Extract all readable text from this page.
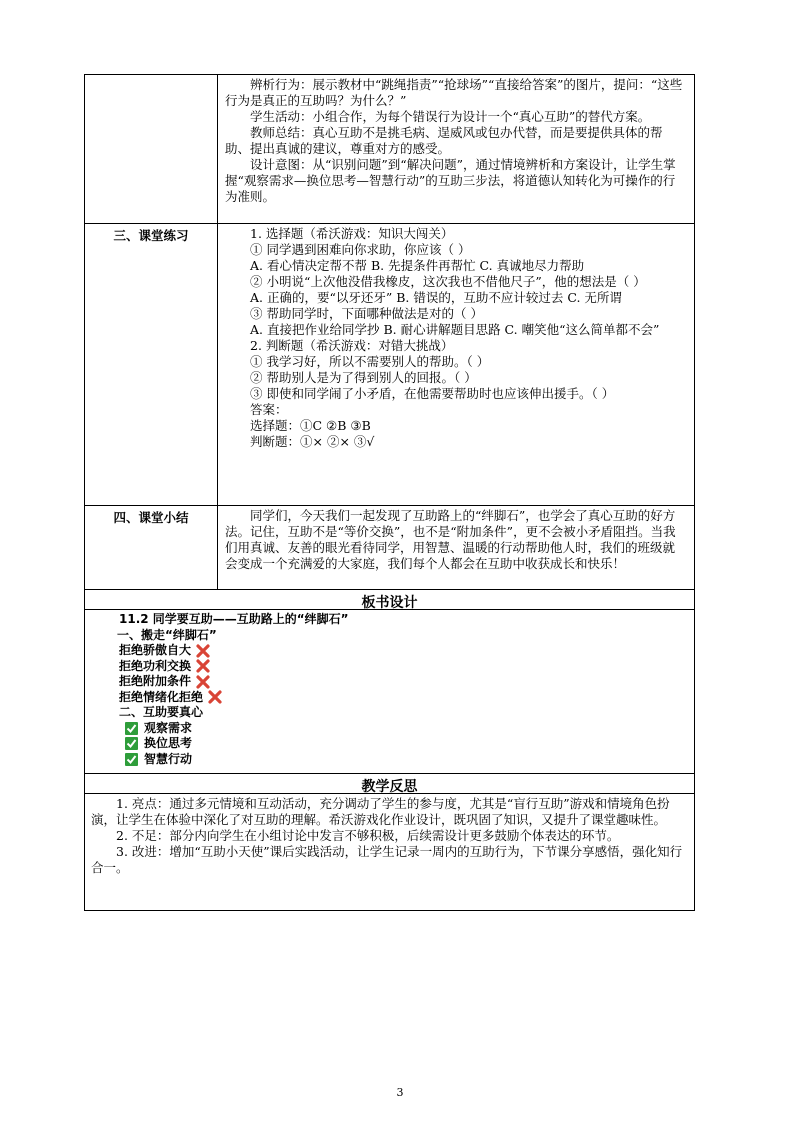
辨析行为：展示教材中“跳绳指责”“抢球场”“直接给答案”的图片，提问：“这些行为是真正的互助吗？为什么？”

学生活动：小组合作，为每个错误行为设计一个“真心互助”的替代方案。

教师总结：真心互助不是挑毛病、逞威风或包办代替，而是要提供具体的帮助、提出真诚的建议，尊重对方的感受。

设计意图：从“识别问题”到“解决问题”，通过情境辨析和方案设计，让学生掌握“观察需求—换位思考—智慧行动”的互助三步法，将道德认知转化为可操作的行为准则。

三、课堂练习	1. 选择题（希沃游戏：知识大闯关）

① 同学遇到困难向你求助，你应该（ ）

A. 看心情决定帮不帮 B. 先提条件再帮忙 C. 真诚地尽力帮助

② 小明说“上次他没借我橡皮，这次我也不借他尺子”，他的想法是（ ）

A. 正确的，要“以牙还牙” B. 错误的，互助不应计较过去 C. 无所谓

③ 帮助同学时，下面哪种做法是对的（ ）

A. 直接把作业给同学抄 B. 耐心讲解题目思路 C. 嘲笑他“这么简单都不会”

2. 判断题（希沃游戏：对错大挑战）

① 我学习好，所以不需要别人的帮助。（ ）

② 帮助别人是为了得到别人的回报。（ ）

③ 即使和同学闹了小矛盾，在他需要帮助时也应该伸出援手。（ ）

答案：

选择题：①C ②B ③B

判断题：①× ②× ③√

四、课堂小结	同学们，今天我们一起发现了互助路上的“绊脚石”，也学会了真心互助的好方法。记住，互助不是“等价交换”，也不是“附加条件”，更不会被小矛盾阻挡。当我们用真诚、友善的眼光看待同学，用智慧、温暖的行动帮助他人时，我们的班级就会变成一个充满爱的大家庭，我们每个人都会在互助中收获成长和快乐！

板书设计
11.2 同学要互助——互助路上的“绊脚石”
一、搬走“绊脚石”
拒绝骄傲自大
拒绝功利交换
拒绝附加条件
拒绝情绪化拒绝
二、互助要真心
观察需求
换位思考
智慧行动
教学反思

1. 亮点：通过多元情境和互动活动，充分调动了学生的参与度，尤其是“盲行互助”游戏和情境角色扮演，让学生在体验中深化了对互助的理解。希沃游戏化作业设计，既巩固了知识，又提升了课堂趣味性。

2. 不足：部分内向学生在小组讨论中发言不够积极，后续需设计更多鼓励个体表达的环节。

3. 改进：增加“互助小天使”课后实践活动，让学生记录一周内的互助行为，下节课分享感悟，强化知行合一。

3
